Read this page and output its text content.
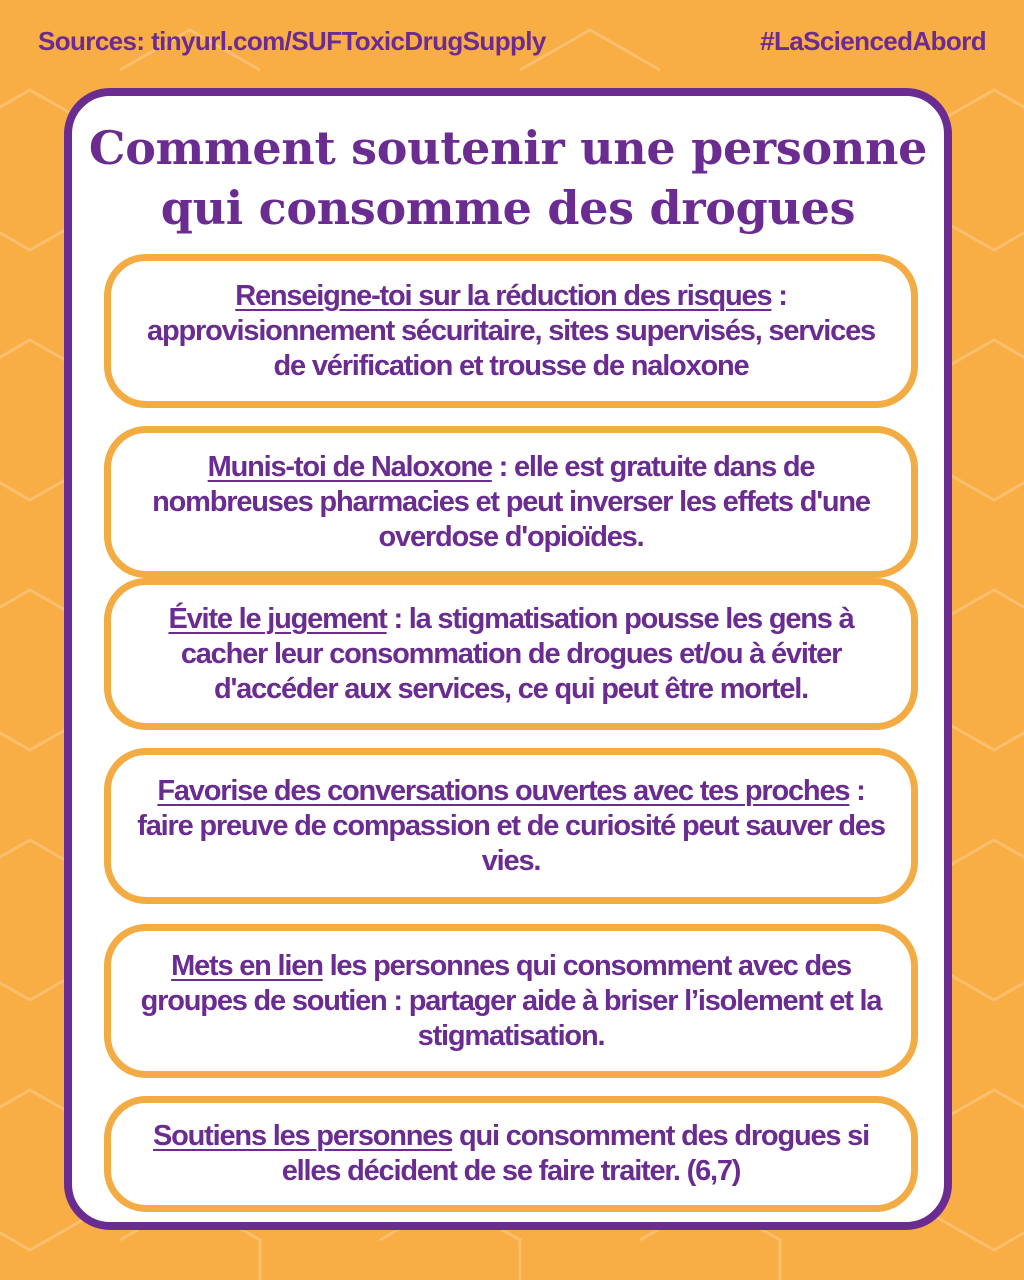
Sources: tinyurl.com/SUFToxicDrugSupply	#LaSciencedAbord
Comment soutenir une personne
qui consomme des drogues
Renseigne-toi sur la réduction des risques : approvisionnement sécuritaire, sites supervisés, services de vérification et trousse de naloxone
Munis-toi de Naloxone : elle est gratuite dans de nombreuses pharmacies et peut inverser les effets d'une overdose d'opioïdes.
Évite le jugement : la stigmatisation pousse les gens à cacher leur consommation de drogues et/ou à éviter d'accéder aux services, ce qui peut être mortel.
Favorise des conversations ouvertes avec tes proches : faire preuve de compassion et de curiosité peut sauver des vies.
Mets en lien les personnes qui consomment avec des groupes de soutien : partager aide à briser l’isolement et la stigmatisation.
Soutiens les personnes qui consomment des drogues si elles décident de se faire traiter. (6,7)
